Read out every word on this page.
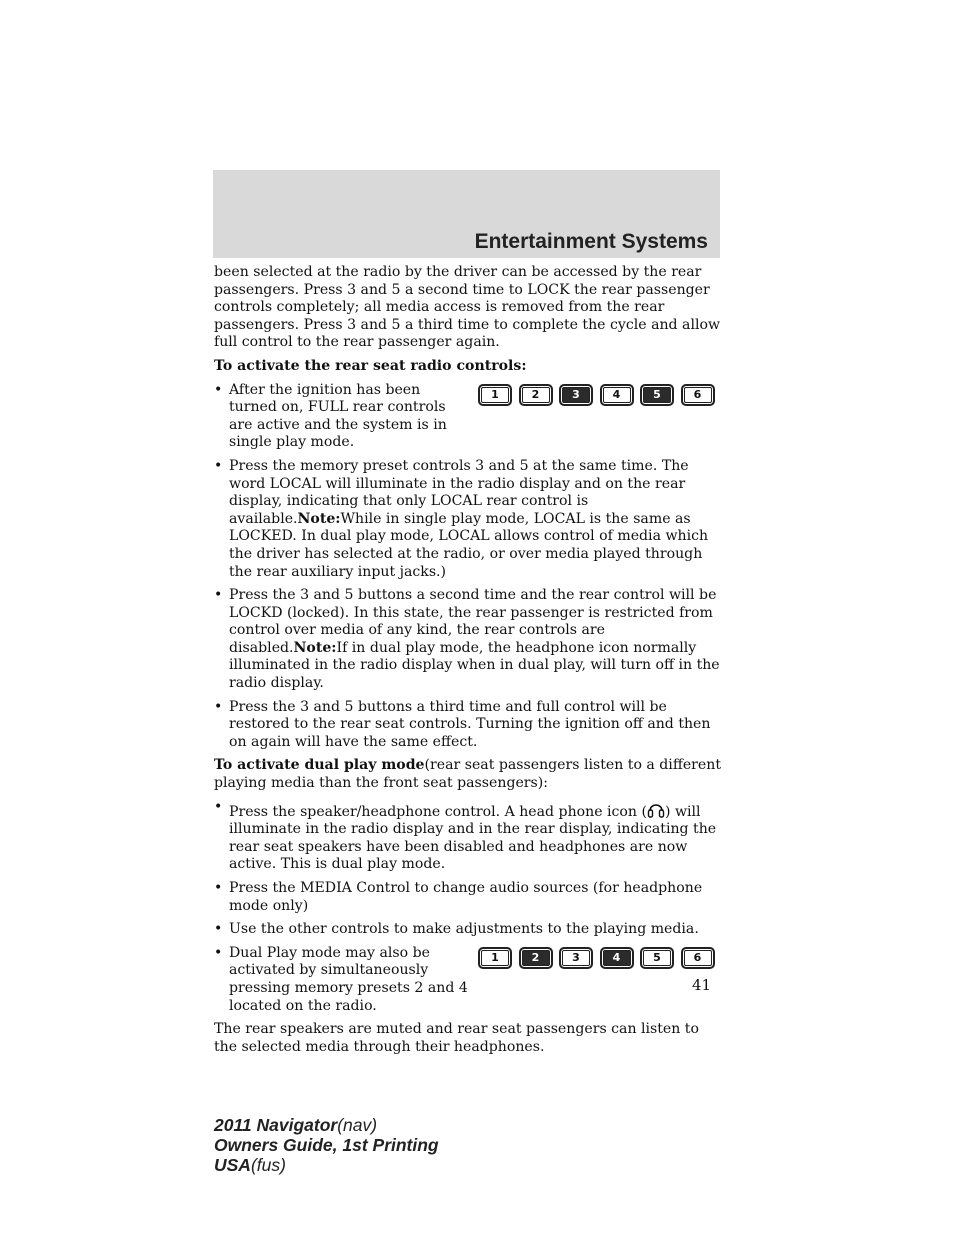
Entertainment Systems

been selected at the radio by the driver can be accessed by the rear passengers. Press 3 and 5 a second time to LOCK the rear passenger controls completely; all media access is removed from the rear passengers. Press 3 and 5 a third time to complete the cycle and allow full control to the rear passenger again.

To activate the rear seat radio controls:

• After the ignition has been turned on, FULL rear controls are active and the system is in single play mode.
1	2	3	4	5	6
• Press the memory preset controls 3 and 5 at the same time. The word LOCAL will illuminate in the radio display and on the rear display, indicating that only LOCAL rear control is available.Note:While in single play mode, LOCAL is the same as LOCKED. In dual play mode, LOCAL allows control of media which the driver has selected at the radio, or over media played through the rear auxiliary input jacks.)
• Press the 3 and 5 buttons a second time and the rear control will be LOCKD (locked). In this state, the rear passenger is restricted from control over media of any kind, the rear controls are disabled.Note:If in dual play mode, the headphone icon normally illuminated in the radio display when in dual play, will turn off in the radio display.
• Press the 3 and 5 buttons a third time and full control will be restored to the rear seat controls. Turning the ignition off and then on again will have the same effect.

To activate dual play mode(rear seat passengers listen to a different playing media than the front seat passengers):

• Press the speaker/headphone control. A head phone icon ( ) will illuminate in the radio display and in the rear display, indicating the rear seat speakers have been disabled and headphones are now active. This is dual play mode.
• Press the MEDIA Control to change audio sources (for headphone mode only)
• Use the other controls to make adjustments to the playing media.
• Dual Play mode may also be activated by simultaneously pressing memory presets 2 and 4 located on the radio.
1	2	3	4	5	6

The rear speakers are muted and rear seat passengers can listen to the selected media through their headphones.

41
2011 Navigator(nav)
Owners Guide, 1st Printing
USA(fus)
